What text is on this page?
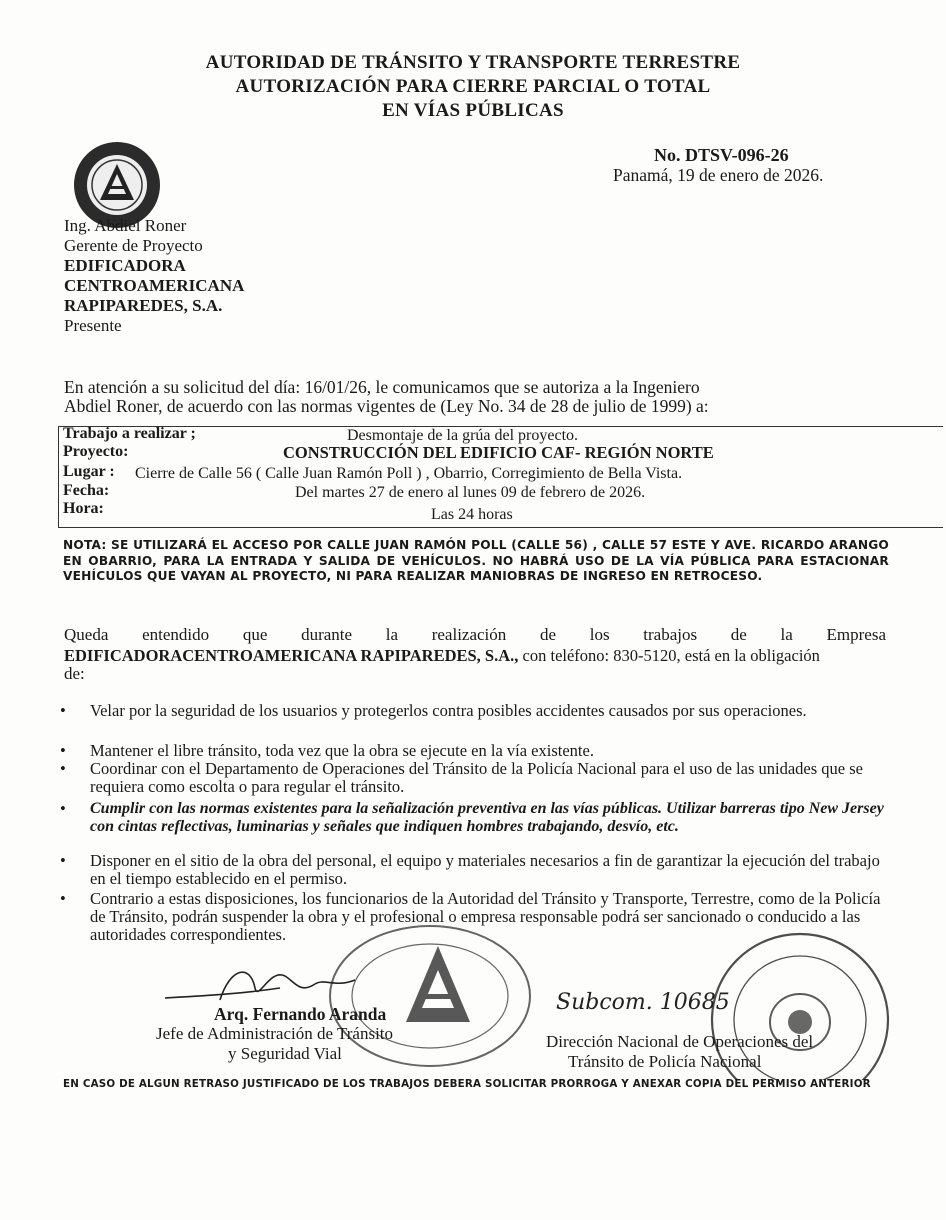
AUTORIDAD DE TRÁNSITO Y TRANSPORTE TERRESTRE
AUTORIZACIÓN PARA CIERRE PARCIAL O TOTAL
EN VÍAS PÚBLICAS
No. DTSV-096-26
Panamá, 19 de enero de 2026.
Ing. Abdiel Roner
Gerente de Proyecto
EDIFICADORA
CENTROAMERICANA
RAPIPAREDES, S.A.
Presente
En atención a su solicitud del día: 16/01/26, le comunicamos que se autoriza a la Ingeniero
Abdiel Roner, de acuerdo con las normas vigentes de (Ley No. 34 de 28 de julio de 1999) a:
Trabajo a realizar ;	Desmontaje de la grúa del proyecto.
Proyecto:	CONSTRUCCIÓN DEL EDIFICIO CAF- REGIÓN NORTE
Lugar : Cierre de Calle 56 ( Calle Juan Ramón Poll ) , Obarrio, Corregimiento de Bella Vista.
Fecha:	Del martes 27 de enero al lunes 09 de febrero de 2026.
Hora:	Las 24 horas
NOTA: SE UTILIZARÁ EL ACCESO POR CALLE JUAN RAMÓN POLL (CALLE 56) , CALLE 57 ESTE Y AVE. RICARDO ARANGO EN OBARRIO, PARA LA ENTRADA Y SALIDA DE VEHÍCULOS. NO HABRÁ USO DE LA VÍA PÚBLICA PARA ESTACIONAR VEHÍCULOS QUE VAYAN AL PROYECTO, NI PARA REALIZAR MANIOBRAS DE INGRESO EN RETROCESO.
Queda entendido que durante la realización de los trabajos de la Empresa
EDIFICADORACENTROAMERICANA RAPIPAREDES, S.A., con teléfono: 830-5120, está en la obligación
de:
• Velar por la seguridad de los usuarios y protegerlos contra posibles accidentes causados por sus operaciones.
• Mantener el libre tránsito, toda vez que la obra se ejecute en la vía existente.
• Coordinar con el Departamento de Operaciones del Tránsito de la Policía Nacional para el uso de las unidades que se requiera como escolta o para regular el tránsito.
• Cumplir con las normas existentes para la señalización preventiva en las vías públicas. Utilizar barreras tipo New Jersey con cintas reflectivas, luminarias y señales que indiquen hombres trabajando, desvío, etc.
• Disponer en el sitio de la obra del personal, el equipo y materiales necesarios a fin de garantizar la ejecución del trabajo en el tiempo establecido en el permiso.
• Contrario a estas disposiciones, los funcionarios de la Autoridad del Tránsito y Transporte, Terrestre, como de la Policía de Tránsito, podrán suspender la obra y el profesional o empresa responsable podrá ser sancionado o conducido a las autoridades correspondientes.
Arq. Fernando Aranda
Jefe de Administración de Tránsito
y Seguridad Vial
Subcom. 10685
Dirección Nacional de Operaciones del
Tránsito de Policía Nacional
EN CASO DE ALGUN RETRASO JUSTIFICADO DE LOS TRABAJOS DEBERA SOLICITAR PRORROGA Y ANEXAR COPIA DEL PERMISO ANTERIOR
